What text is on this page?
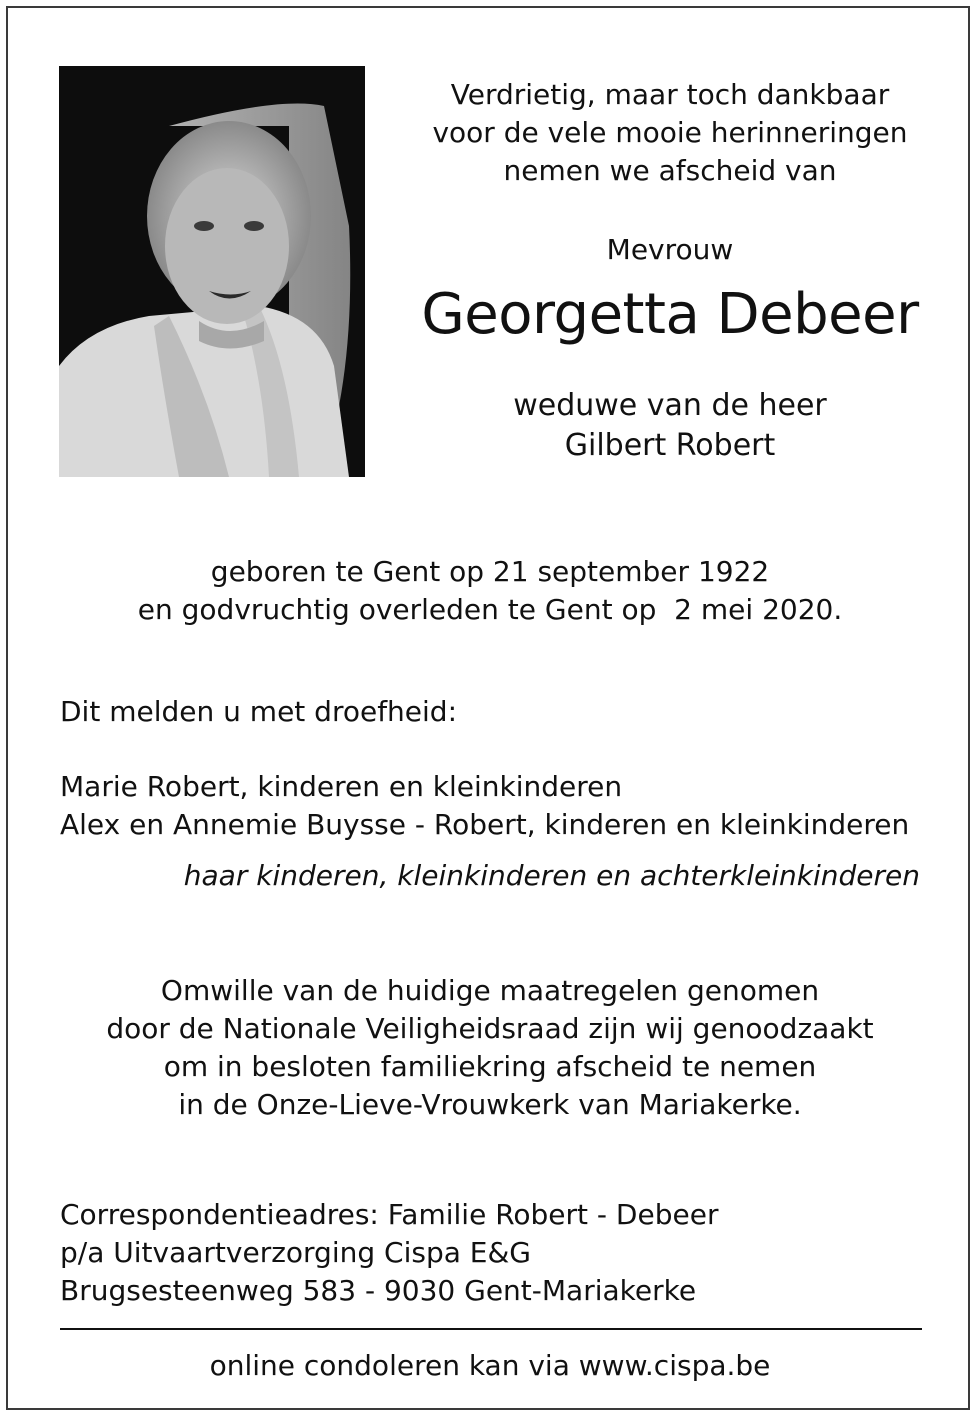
Verdrietig, maar toch dankbaar
voor de vele mooie herinneringen
nemen we afscheid van
Mevrouw
Georgetta Debeer
weduwe van de heer
Gilbert Robert
geboren te Gent op 21 september 1922
en godvruchtig overleden te Gent op  2 mei 2020.
Dit melden u met droefheid:
Marie Robert, kinderen en kleinkinderen
Alex en Annemie Buysse - Robert, kinderen en kleinkinderen
haar kinderen, kleinkinderen en achterkleinkinderen
Omwille van de huidige maatregelen genomen
door de Nationale Veiligheidsraad zijn wij genoodzaakt
om in besloten familiekring afscheid te nemen
in de Onze-Lieve-Vrouwkerk van Mariakerke.
Correspondentieadres: Familie Robert - Debeer
p/a Uitvaartverzorging Cispa E&G
Brugsesteenweg 583 - 9030 Gent-Mariakerke
online condoleren kan via www.cispa.be
